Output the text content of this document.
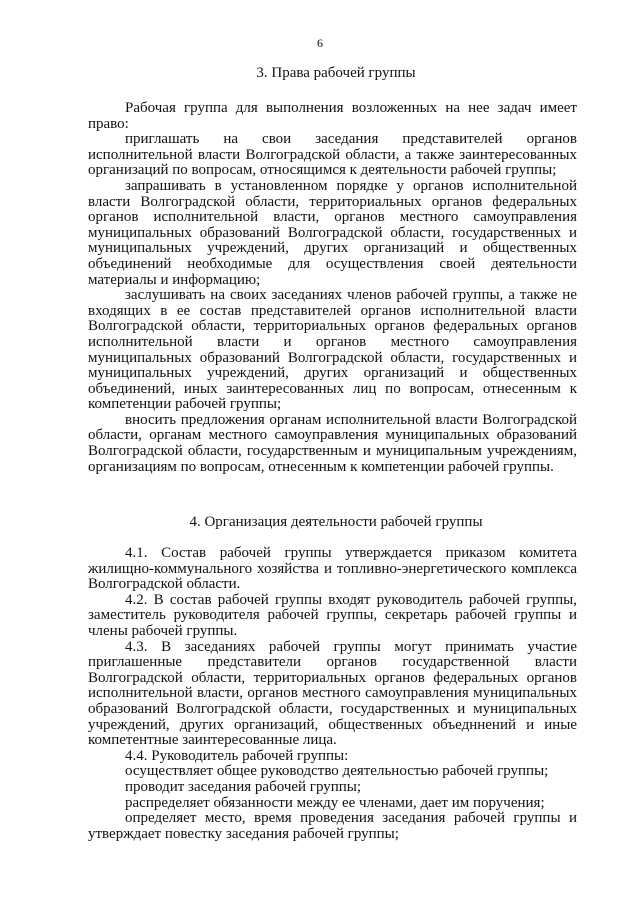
6
3. Права рабочей группы

Рабочая группа для выполнения возложенных на нее задач имеет право:

приглашать на свои заседания представителей органов исполнительной власти Волгоградской области, а также заинтересованных организаций по вопросам, относящимся к деятельности рабочей группы;

запрашивать в установленном порядке у органов исполнительной власти Волгоградской области, территориальных органов федеральных органов исполнительной власти, органов местного самоуправления муниципальных образований Волгоградской области, государственных и муниципальных учреждений, других организаций и общественных объединений необходимые для осуществления своей деятельности материалы и информацию;

заслушивать на своих заседаниях членов рабочей группы, а также не входящих в ее состав представителей органов исполнительной власти Волгоградской области, территориальных органов федеральных органов исполнительной власти и органов местного самоуправления муниципальных образований Волгоградской области, государственных и муниципальных учреждений, других организаций и общественных объединений, иных заинтересованных лиц по вопросам, отнесенным к компетенции рабочей группы;

вносить предложения органам исполнительной власти Волгоградской области, органам местного самоуправления муниципальных образований Волгоградской области, государственным и муниципальным учреждениям, организациям по вопросам, отнесенным к компетенции рабочей группы.

4. Организация деятельности рабочей группы

4.1. Состав рабочей группы утверждается приказом комитета жилищно-коммунального хозяйства и топливно-энергетического комплекса Волгоградской области.

4.2. В состав рабочей группы входят руководитель рабочей группы, заместитель руководителя рабочей группы, секретарь рабочей группы и члены рабочей группы.

4.3. В заседаниях рабочей группы могут принимать участие приглашенные представители органов государственной власти Волгоградской области, территориальных органов федеральных органов исполнительной власти, органов местного самоуправления муниципальных образований Волгоградской области, государственных и муниципальных учреждений, других организаций, общественных объедннений и иные компетентные заинтересованные лица.

4.4. Руководитель рабочей группы:

осуществляет общее руководство деятельностью рабочей группы;

проводит заседания рабочей группы;

распределяет обязанности между ее членами, дает им поручения;

определяет место, время проведения заседания рабочей группы и утверждает повестку заседания рабочей группы;
